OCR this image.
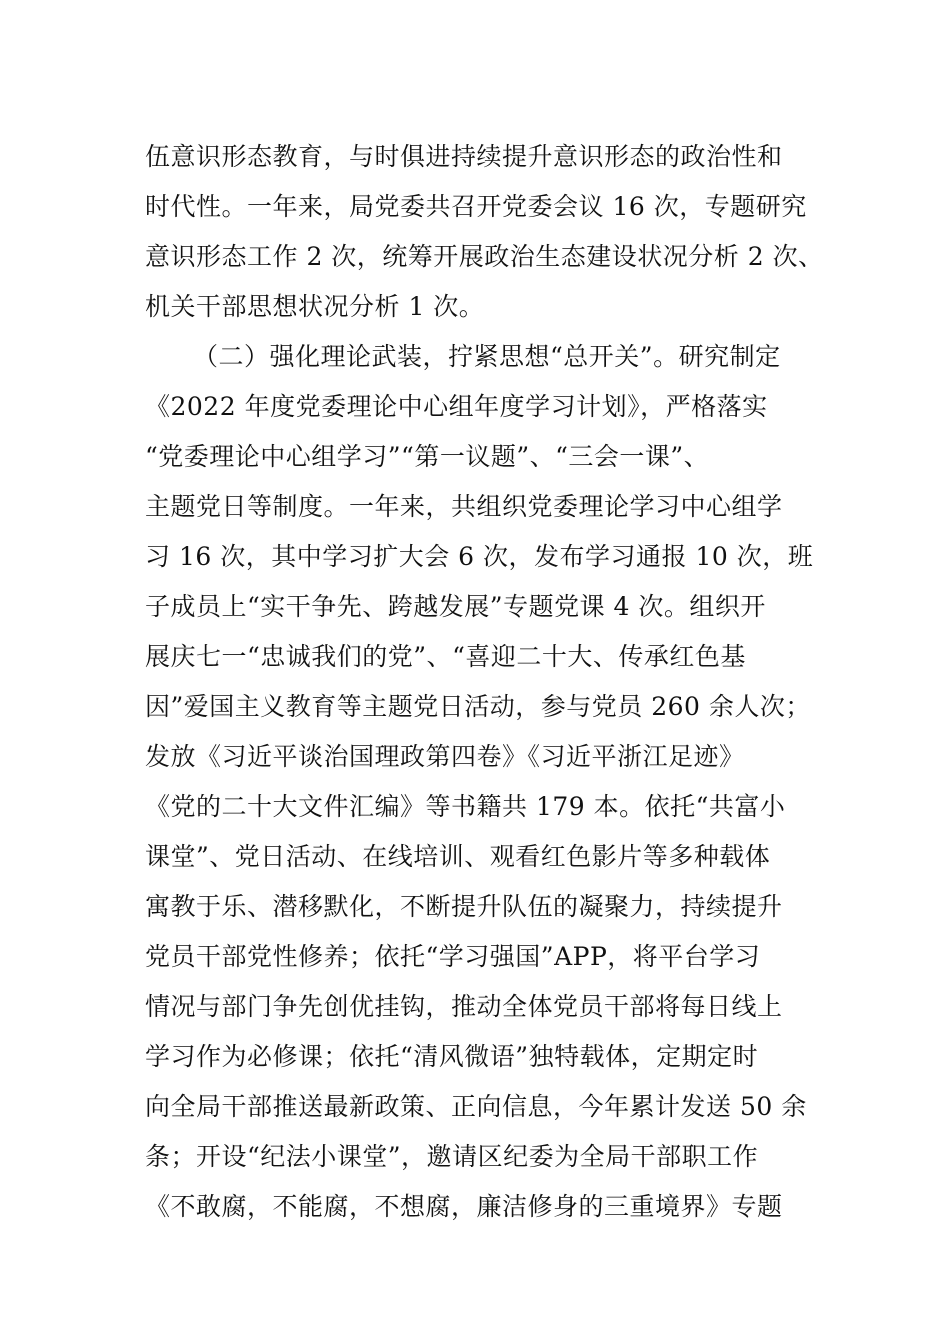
伍意识形态教育，与时俱进持续提升意识形态的政治性和
时代性。一年来，局党委共召开党委会议 16 次，专题研究
意识形态工作 2 次，统筹开展政治生态建设状况分析 2 次、
机关干部思想状况分析 1 次。
（二）强化理论武装，拧紧思想“总开关”。研究制定
《2022 年度党委理论中心组年度学习计划》，严格落实
“党委理论中心组学习”“第一议题”、“三会一课”、
主题党日等制度。一年来，共组织党委理论学习中心组学
习 16 次，其中学习扩大会 6 次，发布学习通报 10 次，班
子成员上“实干争先、跨越发展”专题党课 4 次。组织开
展庆七一“忠诚我们的党”、“喜迎二十大、传承红色基
因”爱国主义教育等主题党日活动，参与党员 260 余人次；
发放《习近平谈治国理政第四卷》《习近平浙江足迹》
《党的二十大文件汇编》等书籍共 179 本。依托“共富小
课堂”、党日活动、在线培训、观看红色影片等多种载体
寓教于乐、潜移默化，不断提升队伍的凝聚力，持续提升
党员干部党性修养；依托“学习强国”APP，将平台学习
情况与部门争先创优挂钩，推动全体党员干部将每日线上
学习作为必修课；依托“清风微语”独特载体，定期定时
向全局干部推送最新政策、正向信息，今年累计发送 50 余
条；开设“纪法小课堂”，邀请区纪委为全局干部职工作
《不敢腐，不能腐，不想腐，廉洁修身的三重境界》专题
